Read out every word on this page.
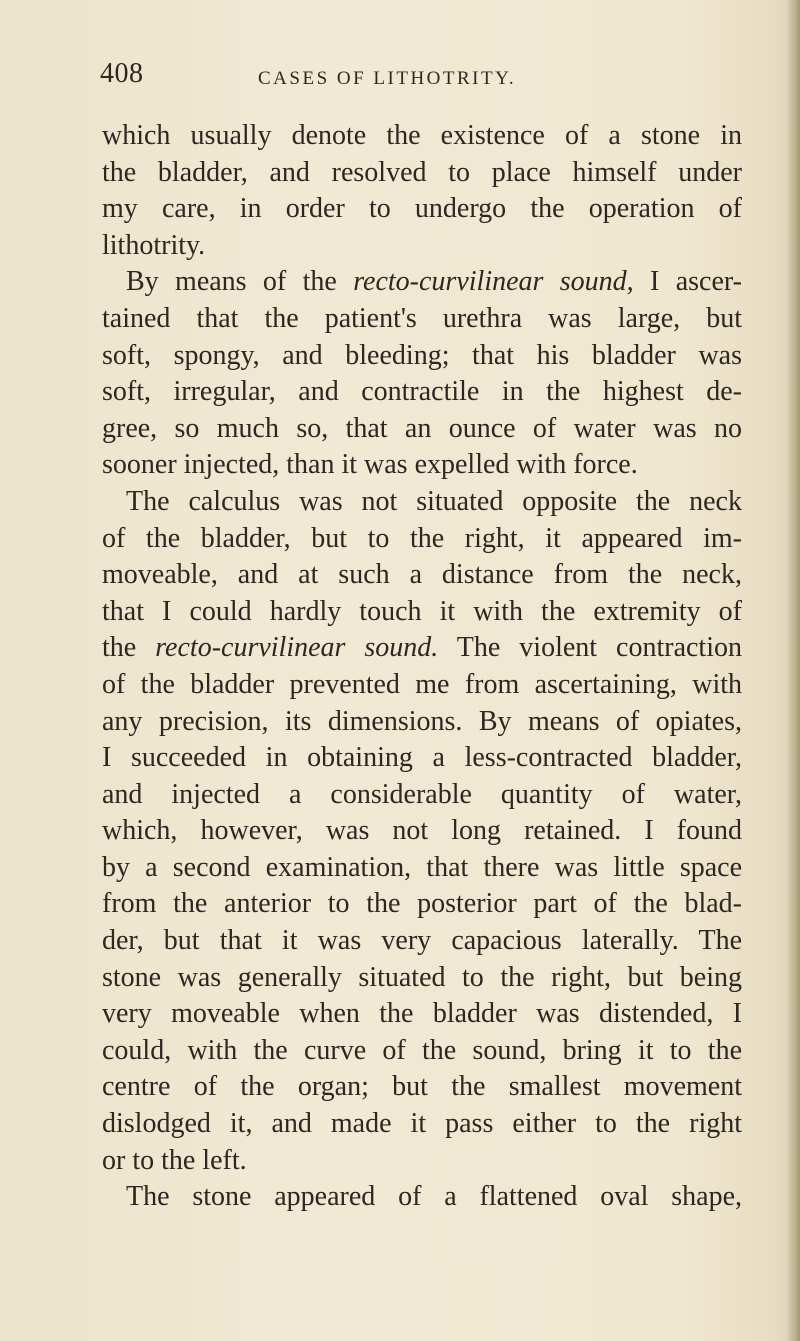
408	CASES OF LITHOTRITY.
which usually denote the existence of a stone in
the bladder, and resolved to place himself under
my care, in order to undergo the operation of
lithotrity.
By means of the recto-curvilinear sound, I ascer-
tained that the patient's urethra was large, but
soft, spongy, and bleeding; that his bladder was
soft, irregular, and contractile in the highest de-
gree, so much so, that an ounce of water was no
sooner injected, than it was expelled with force.
The calculus was not situated opposite the neck
of the bladder, but to the right, it appeared im-
moveable, and at such a distance from the neck,
that I could hardly touch it with the extremity of
the recto-curvilinear sound. The violent contraction
of the bladder prevented me from ascertaining, with
any precision, its dimensions. By means of opiates,
I succeeded in obtaining a less-contracted bladder,
and injected a considerable quantity of water,
which, however, was not long retained. I found
by a second examination, that there was little space
from the anterior to the posterior part of the blad-
der, but that it was very capacious laterally. The
stone was generally situated to the right, but being
very moveable when the bladder was distended, I
could, with the curve of the sound, bring it to the
centre of the organ; but the smallest movement
dislodged it, and made it pass either to the right
or to the left.
The stone appeared of a flattened oval shape,
